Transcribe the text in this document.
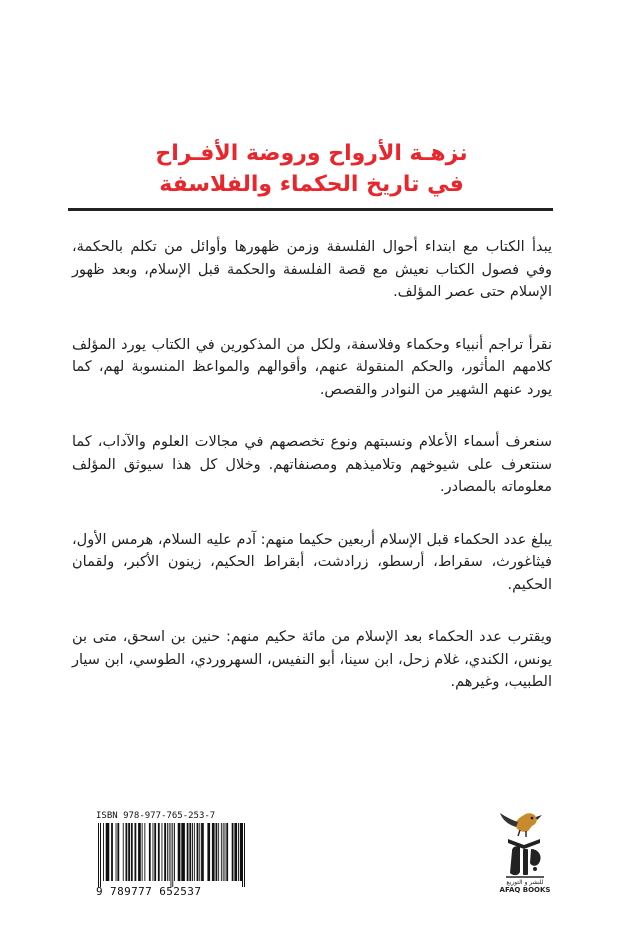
نزهـة الأرواح وروضة الأفـراح
في تاريخ الحكماء والفلاسفة

يبدأ الكتاب مع ابتداء أحوال الفلسفة وزمن ظهورها وأوائل من تكلم بالحكمة، وفي فصول الكتاب نعيش مع قصة الفلسفة والحكمة قبل الإسلام، وبعد ظهور الإسلام حتى عصر المؤلف.

نقرأ تراجم أنبياء وحكماء وفلاسفة، ولكل من المذكورين في الكتاب يورد المؤلف كلامهم المأثور، والحكم المنقولة عنهم، وأقوالهم والمواعظ المنسوبة لهم، كما يورد عنهم الشهير من النوادر والقصص.

سنعرف أسماء الأعلام ونسبتهم ونوع تخصصهم في مجالات العلوم والآداب، كما سنتعرف على شيوخهم وتلاميذهم ومصنفاتهم. وخلال كل هذا سيوثق المؤلف معلوماته بالمصادر.

يبلغ عدد الحكماء قبل الإسلام أربعين حكيما منهم: آدم عليه السلام، هرمس الأول، فيثاغورث، سقراط، أرسطو، زرادشت، أبقراط الحكيم، زينون الأكبر، ولقمان الحكيم.

ويقترب عدد الحكماء بعد الإسلام من مائة حكيم منهم: حنين بن اسحق، متى بن يونس، الكندي، غلام زحل، ابن سينا، أبو النفيس، السهروردي، الطوسي، ابن سيار الطبيب، وغيرهم.

ISBN 978-977-765-253-7
9 789777 652537
للنشر و التوزيع
AFAQ BOOKS
